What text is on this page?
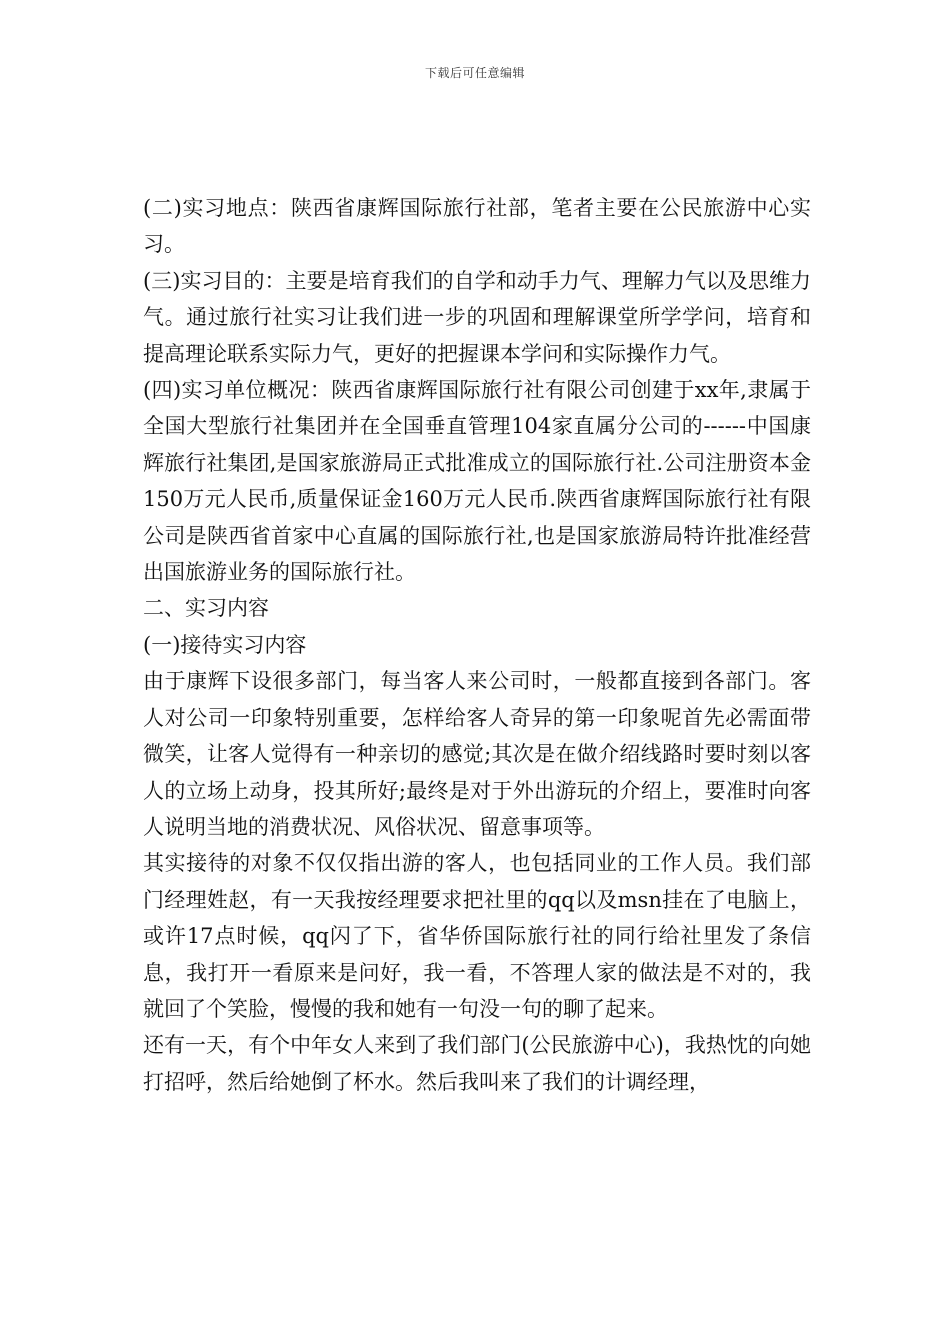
下载后可任意编辑

(二)实习地点：陕西省康辉国际旅行社部，笔者主要在公民旅游中心实习。

(三)实习目的：主要是培育我们的自学和动手力气、理解力气以及思维力气。通过旅行社实习让我们进一步的巩固和理解课堂所学学问，培育和提高理论联系实际力气，更好的把握课本学问和实际操作力气。

(四)实习单位概况：陕西省康辉国际旅行社有限公司创建于xx年,隶属于全国大型旅行社集团并在全国垂直管理104家直属分公司的------中国康辉旅行社集团,是国家旅游局正式批准成立的国际旅行社.公司注册资本金150万元人民币,质量保证金160万元人民币.陕西省康辉国际旅行社有限公司是陕西省首家中心直属的国际旅行社,也是国家旅游局特许批准经营出国旅游业务的国际旅行社。

二、实习内容

(一)接待实习内容

由于康辉下设很多部门，每当客人来公司时，一般都直接到各部门。客人对公司一印象特别重要，怎样给客人奇异的第一印象呢首先必需面带微笑，让客人觉得有一种亲切的感觉;其次是在做介绍线路时要时刻以客人的立场上动身，投其所好;最终是对于外出游玩的介绍上，要准时向客人说明当地的消费状况、风俗状况、留意事项等。

其实接待的对象不仅仅指出游的客人，也包括同业的工作人员。我们部门经理姓赵，有一天我按经理要求把社里的qq以及msn挂在了电脑上，或许17点时候，qq闪了下，省华侨国际旅行社的同行给社里发了条信息，我打开一看原来是问好，我一看，不答理人家的做法是不对的，我就回了个笑脸，慢慢的我和她有一句没一句的聊了起来。

还有一天，有个中年女人来到了我们部门(公民旅游中心)，我热忱的向她打招呼，然后给她倒了杯水。然后我叫来了我们的计调经理，
